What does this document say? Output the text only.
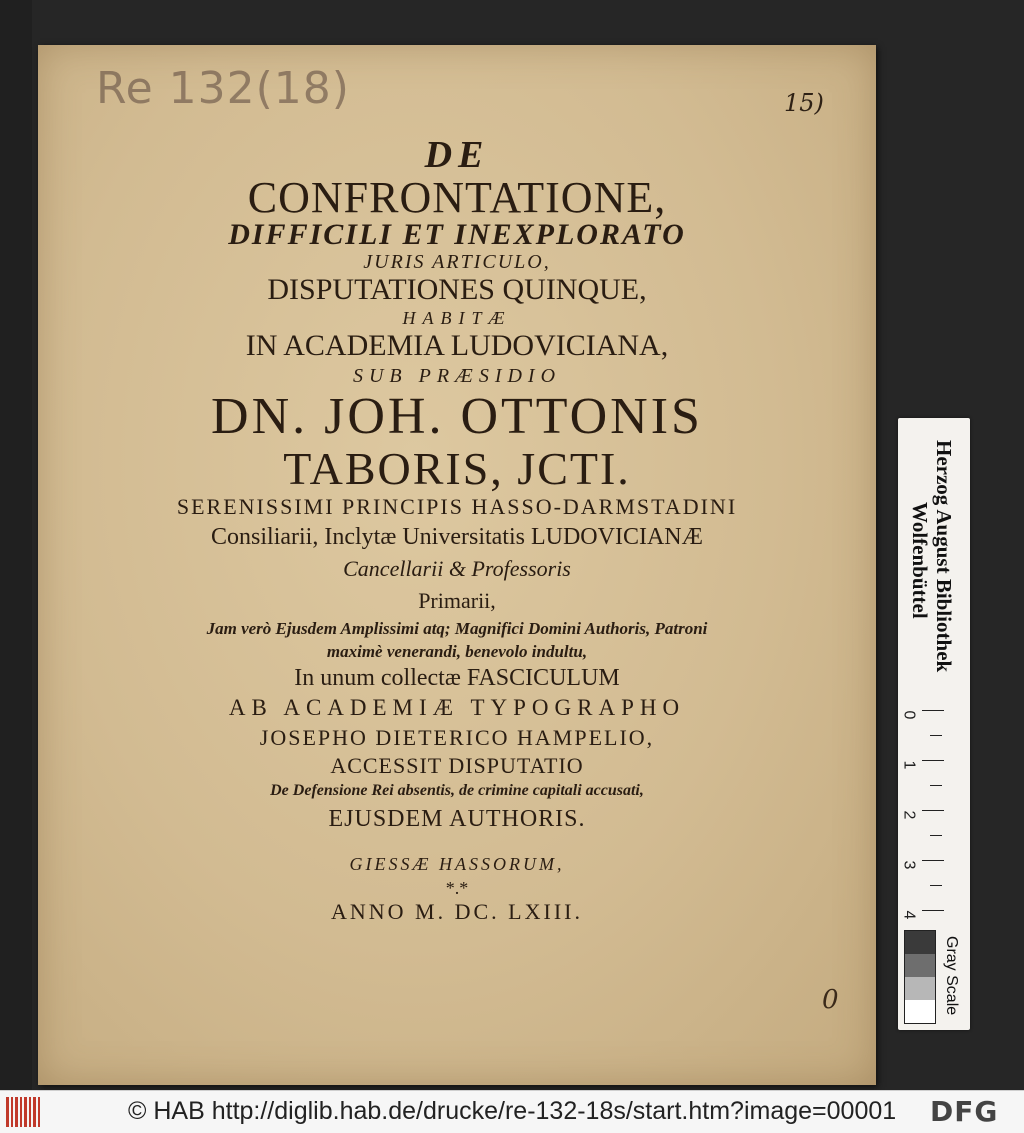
Re 132(18)	15)
DE
CONFRONTATIONE,
DIFFICILI ET INEXPLORATO
JURIS ARTICULO,
DISPUTATIONES QUINQUE,
HABITÆ
IN ACADEMIA LUDOVICIANA,
SUB PRÆSIDIO
DN. JOH. OTTONIS
TABORIS, JCTI.
SERENISSIMI PRINCIPIS HASSO-DARMSTADINI
Consiliarii, Inclytæ Universitatis LUDOVICIANÆ
Cancellarii & Professoris
Primarii,
Jam verò Ejusdem Amplissimi atq; Magnifici Domini Authoris, Patroni
maximè venerandi, benevolo indultu,
In unum collectæ FASCICULUM
AB ACADEMIÆ TYPOGRAPHO
JOSEPHO DIETERICO HAMPELIO,
ACCESSIT DISPUTATIO
De Defensione Rei absentis, de crimine capitali accusati,
EJUSDEM AUTHORIS.
GIESSÆ HASSORUM,
*.*
ANNO M. DC. LXIII.
0
Herzog August Bibliothek
Wolfenbüttel
0
1
2
3
4
Gray Scale
© HAB http://diglib.hab.de/drucke/re-132-18s/start.htm?image=00001 DFG
